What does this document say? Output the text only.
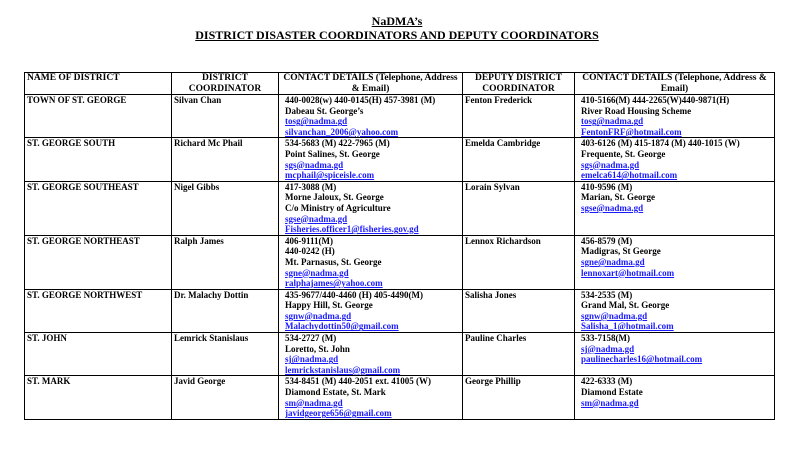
NaDMA’s
DISTRICT DISASTER COORDINATORS AND DEPUTY COORDINATORS
NAME OF DISTRICT	DISTRICT COORDINATOR	CONTACT DETAILS (Telephone, Address & Email)	DEPUTY DISTRICT COORDINATOR	CONTACT DETAILS (Telephone, Address & Email)
TOWN OF ST. GEORGE	Silvan Chan	440-0028(w) 440-0145(H) 457-3981 (M)
Dabeau St. George’s
tosg@nadma.gd
silvanchan_2006@yahoo.com	Fenton Frederick	410-5166(M) 444-2265(W)440-9871(H)
River Road Housing Scheme
tosg@nadma.gd
FentonFRF@hotmail.com

ST. GEORGE SOUTH	Richard Mc Phail	534-5683 (M) 422-7965 (M)
Point Salines, St. George
sgs@nadma.gd
mcphail@spiceisle.com	Emelda Cambridge	403-6126 (M) 415-1874 (M) 440-1015 (W)
Frequente, St. George
sgs@nadma.gd
emelca614@hotmail.com

ST. GEORGE SOUTHEAST	Nigel Gibbs	417-3088 (M)
Morne Jaloux, St. George
C/o Ministry of Agriculture
sgse@nadma.gd
Fisheries.officer1@fisheries.gov.gd	Lorain Sylvan	410-9596 (M)
Marian, St. George
sgse@nadma.gd

ST. GEORGE NORTHEAST	Ralph James	406-9111(M)
440-0242 (H)
Mt. Parnasus, St. George
sgne@nadma.gd
ralphajames@yahoo.com	Lennox Richardson	456-8579 (M)
Madigras, St George
sgne@nadma.gd
lennoxart@hotmail.com

ST. GEORGE NORTHWEST	Dr. Malachy Dottin	435-9677/440-4460 (H) 405-4490(M)
Happy Hill, St. George
sgnw@nadma.gd
Malachydottin50@gmail.com	Salisha Jones	534-2535 (M)
Grand Mal, St. George
sgnw@nadma.gd
Salisha_1@hotmail.com

ST. JOHN	Lemrick Stanislaus	534-2727 (M)
Loretto, St. John
sj@nadma.gd
lemrickstanislaus@gmail.com	Pauline Charles	533-7158(M)
sj@nadma.gd
paulinecharles16@hotmail.com

ST. MARK	Javid George	534-8451 (M) 440-2051 ext. 41005 (W)
Diamond Estate, St. Mark
sm@nadma.gd
javidgeorge656@gmail.com	George Phillip	422-6333 (M)
Diamond Estate
sm@nadma.gd
